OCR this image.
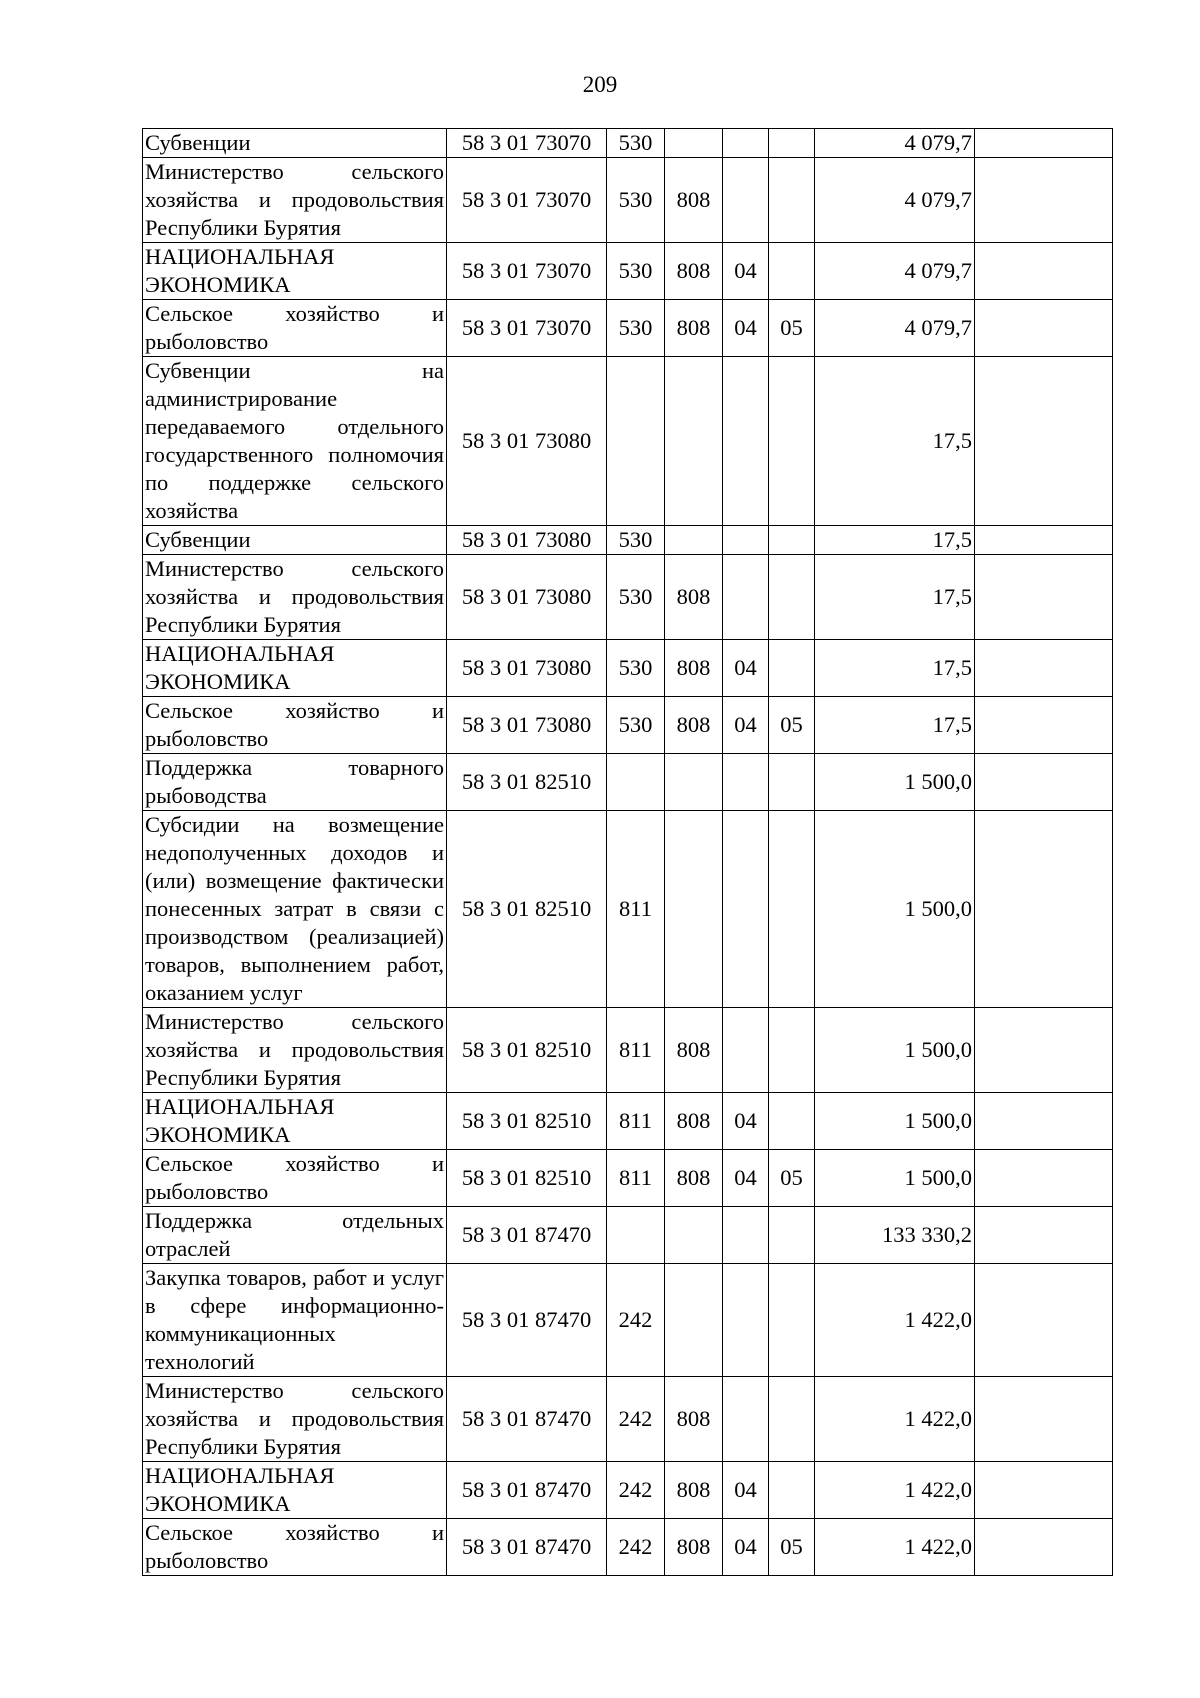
209
Субвенции	58 3 01 73070	530				4 079,7	
Министерство сельского хозяйства и продовольствия Республики Бурятия	58 3 01 73070	530	808			4 079,7	
НАЦИОНАЛЬНАЯ ЭКОНОМИКА	58 3 01 73070	530	808	04		4 079,7	
Сельское хозяйство и рыболовство	58 3 01 73070	530	808	04	05	4 079,7	
Субвенции на администрирование передаваемого отдельного государственного полномочия по поддержке сельского хозяйства	58 3 01 73080					17,5	
Субвенции	58 3 01 73080	530				17,5	
Министерство сельского хозяйства и продовольствия Республики Бурятия	58 3 01 73080	530	808			17,5	
НАЦИОНАЛЬНАЯ ЭКОНОМИКА	58 3 01 73080	530	808	04		17,5	
Сельское хозяйство и рыболовство	58 3 01 73080	530	808	04	05	17,5	
Поддержка товарного рыбоводства	58 3 01 82510					1 500,0	
Субсидии на возмещение недополученных доходов и (или) возмещение фактически понесенных затрат в связи с производством (реализацией) товаров, выполнением работ, оказанием услуг	58 3 01 82510	811				1 500,0	
Министерство сельского хозяйства и продовольствия Республики Бурятия	58 3 01 82510	811	808			1 500,0	
НАЦИОНАЛЬНАЯ ЭКОНОМИКА	58 3 01 82510	811	808	04		1 500,0	
Сельское хозяйство и рыболовство	58 3 01 82510	811	808	04	05	1 500,0	
Поддержка отдельных отраслей	58 3 01 87470					133 330,2	
Закупка товаров, работ и услуг в сфере информационно-коммуникационных технологий	58 3 01 87470	242				1 422,0	
Министерство сельского хозяйства и продовольствия Республики Бурятия	58 3 01 87470	242	808			1 422,0	
НАЦИОНАЛЬНАЯ ЭКОНОМИКА	58 3 01 87470	242	808	04		1 422,0	
Сельское хозяйство и рыболовство	58 3 01 87470	242	808	04	05	1 422,0	
